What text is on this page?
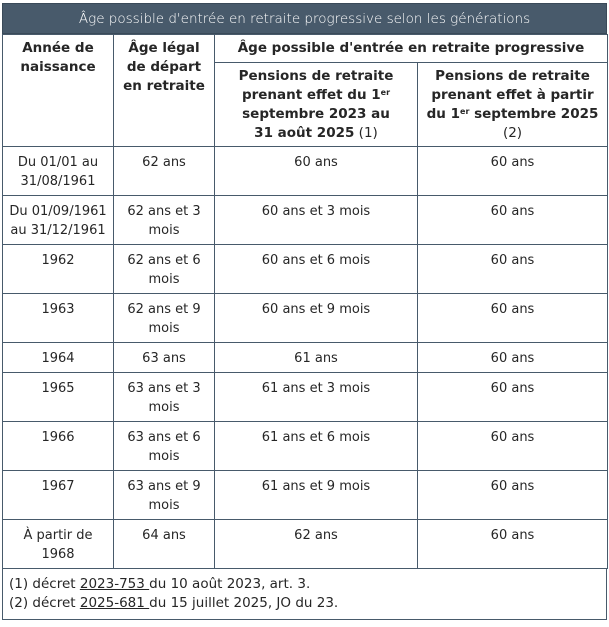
Âge possible d'entrée en retraite progressive selon les générations
Année de naissance	Âge légal de départ en retraite	Âge possible d'entrée en retraite progressive	
		Pensions de retraite prenant effet du 1er septembre 2023 au 31 août 2025 (1)	Pensions de retraite prenant effet à partir du 1er septembre 2025 (2)
Du 01/01 au 31/08/1961	62 ans	60 ans	60 ans
Du 01/09/1961 au 31/12/1961	62 ans et 3 mois	60 ans et 3 mois	60 ans
1962	62 ans et 6 mois	60 ans et 6 mois	60 ans
1963	62 ans et 9 mois	60 ans et 9 mois	60 ans
1964	63 ans	61 ans	60 ans
1965	63 ans et 3 mois	61 ans et 3 mois	60 ans
1966	63 ans et 6 mois	61 ans et 6 mois	60 ans
1967	63 ans et 9 mois	61 ans et 9 mois	60 ans
À partir de 1968	64 ans	62 ans	60 ans
(1) décret 2023-753 du 10 août 2023, art. 3.
(2) décret 2025-681 du 15 juillet 2025, JO du 23.
